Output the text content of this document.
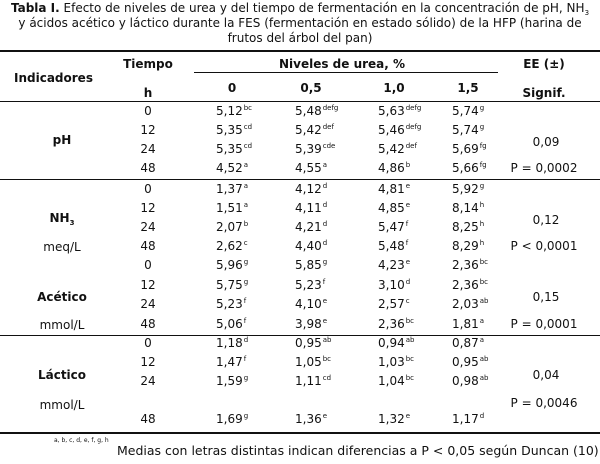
Tabla I. Efecto de niveles de urea y del tiempo de fermentación en la concentración de pH, $NH_3$ y ácidos acético y láctico durante la FES (fermentación en estado sólido) de la HFP (harina de frutos del árbol del pan)
Indicadores
Tiempo
h
Niveles de urea, %
0	0,5	1,0	1,5
EE (±)
Signif.
pH	0,09
P = 0,0002
0	5,12$^{bc}$	$5,48^{defg}$	$5,63^{defg}$	5,74$^g$
12	5,35$^{cd}$	5,42$^{def}$	$5,46^{defg}$	5,74$^g$
24	5,35$^{cd}$	5,39$^{cde}$	5,42$^{def}$	5,69$^{fg}$
48	4,52$^a$	4,55$^a$	4,86$^b$	5,66$^{fg}$
$NH_3$
meq/L
0,12
P < 0,0001
0	1,37$^a$	4,12$^d$	4,81e	5,92$^g$
12	1,51$^a$	4,11$^d$	4,85e	8,14$^h$
24	2,07$^b$	4,21$^d$	5,47$^f$	8,25$^h$
48	2,62$^c$	4,40$^d$	5,48$^f$	8,29$^h$
Acético
mmol/L
0,15
P = 0,0001
0	5,96$^g$	5,85$^g$	4,23e	2,36$^{bc}$
12	5,75$^g$	5,23$^f$	3,10$^d$	2,36$^{bc}$
24	5,23$^f$	4,10e	2,57$^c$	2,03$^{ab}$
48	5,06$^f$	3,98e	2,36$^{bc}$	1,81$^a$
Láctico
mmol/L
0,04
P = 0,0046
0	1,18$^d$	0,95$^{ab}$	0,94$^{ab}$	0,87$^a$
12	1,47$^f$	1,05$^{bc}$	1,03$^{bc}$	0,95$^{ab}$
24	1,59$^g$	1,11$^{cd}$	1,04$^{bc}$	0,98$^{ab}$
48	1,69$^g$	1,36e	1,32e	1,17$^d$
a, b, c, d, e, f, g, h
Medias con letras distintas indican diferencias a P < 0,05 según Duncan (10)
